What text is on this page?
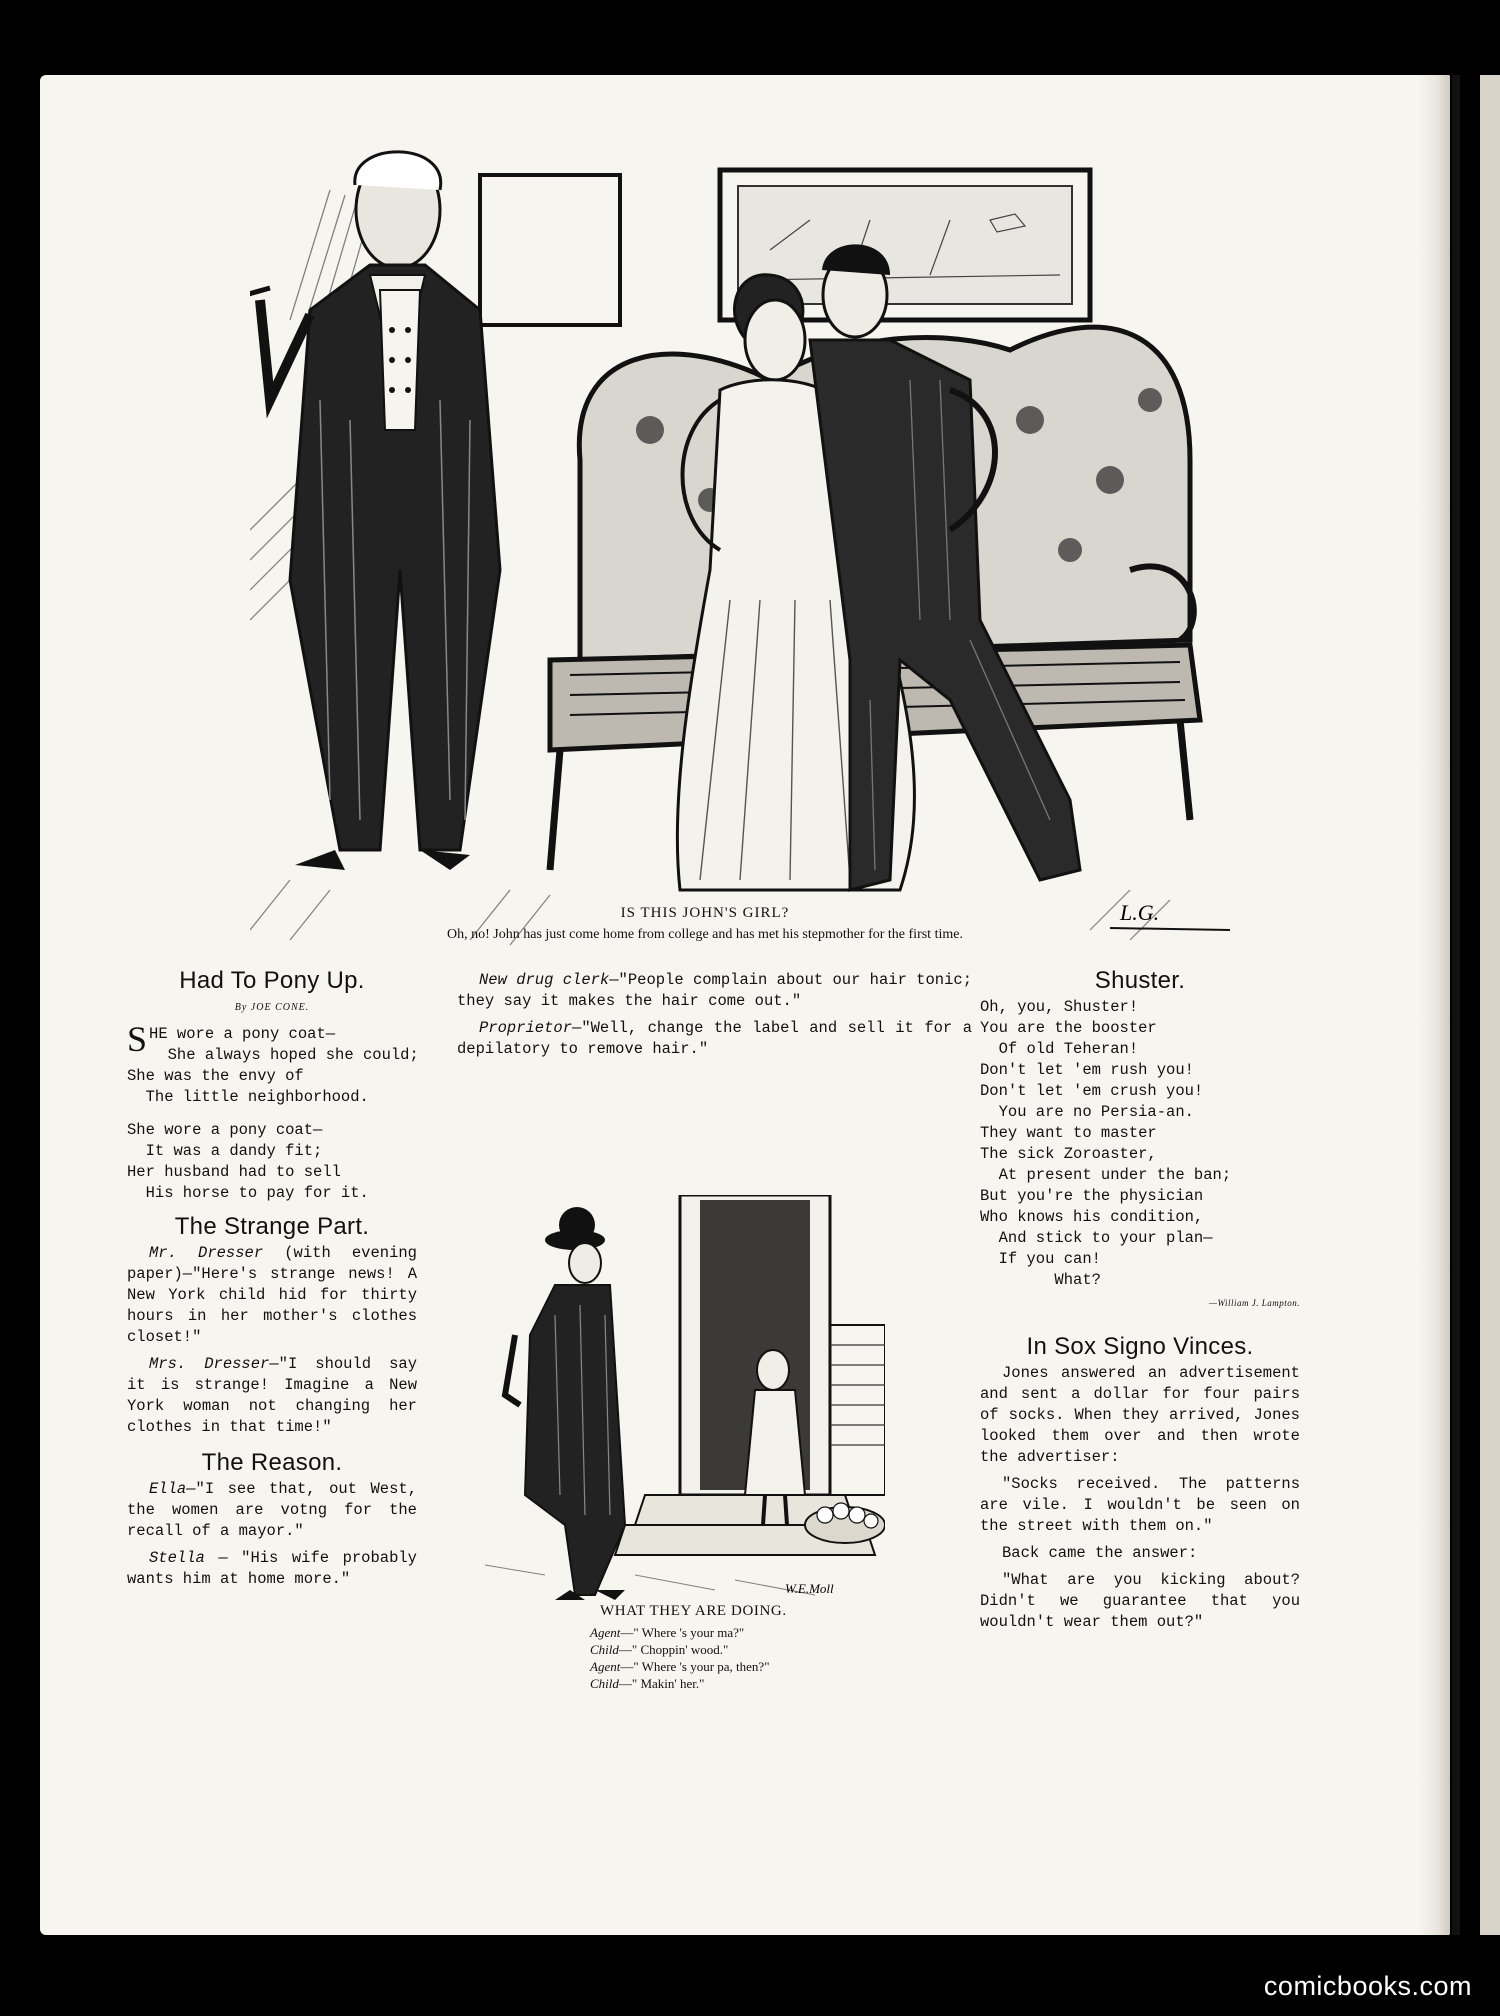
L.G.
IS THIS JOHN'S GIRL?
Oh, no! John has just come home from college and has met his stepmother for the first time.
Had To Pony Up.
By JOE CONE.
S HE wore a pony coat—
She always hoped she could;
She was the envy of
The little neighborhood.
She wore a pony coat—
It was a dandy fit;
Her husband had to sell
His horse to pay for it.
The Strange Part.

Mr. Dresser (with evening paper)—"Here's strange news! A New York child hid for thirty hours in her mother's clothes closet!"

Mrs. Dresser—"I should say it is strange! Imagine a New York woman not changing her clothes in that time!"

The Reason.

Ella—"I see that, out West, the women are votng for the recall of a mayor."

Stella — "His wife probably wants him at home more."

New drug clerk—"People complain about our hair tonic; they say it makes the hair come out."

Proprietor—"Well, change the label and sell it for a depilatory to remove hair."

W.E.Moll
WHAT THEY ARE DOING.
Agent—" Where 's your ma?"
Child—" Choppin' wood."
Agent—" Where 's your pa, then?"
Child—" Makin' her."
Shuster.
Oh, you, Shuster!
You are the booster
Of old Teheran!
Don't let 'em rush you!
Don't let 'em crush you!
You are no Persia-an.
They want to master
The sick Zoroaster,
At present under the ban;
But you're the physician
Who knows his condition,
And stick to your plan—
If you can!
What?
—William J. Lampton.
In Sox Signo Vinces.

Jones answered an advertisement and sent a dollar for four pairs of socks. When they arrived, Jones looked them over and then wrote the advertiser:

"Socks received. The patterns are vile. I wouldn't be seen on the street with them on."

Back came the answer:

"What are you kicking about? Didn't we guarantee that you wouldn't wear them out?"

comicbooks.com
